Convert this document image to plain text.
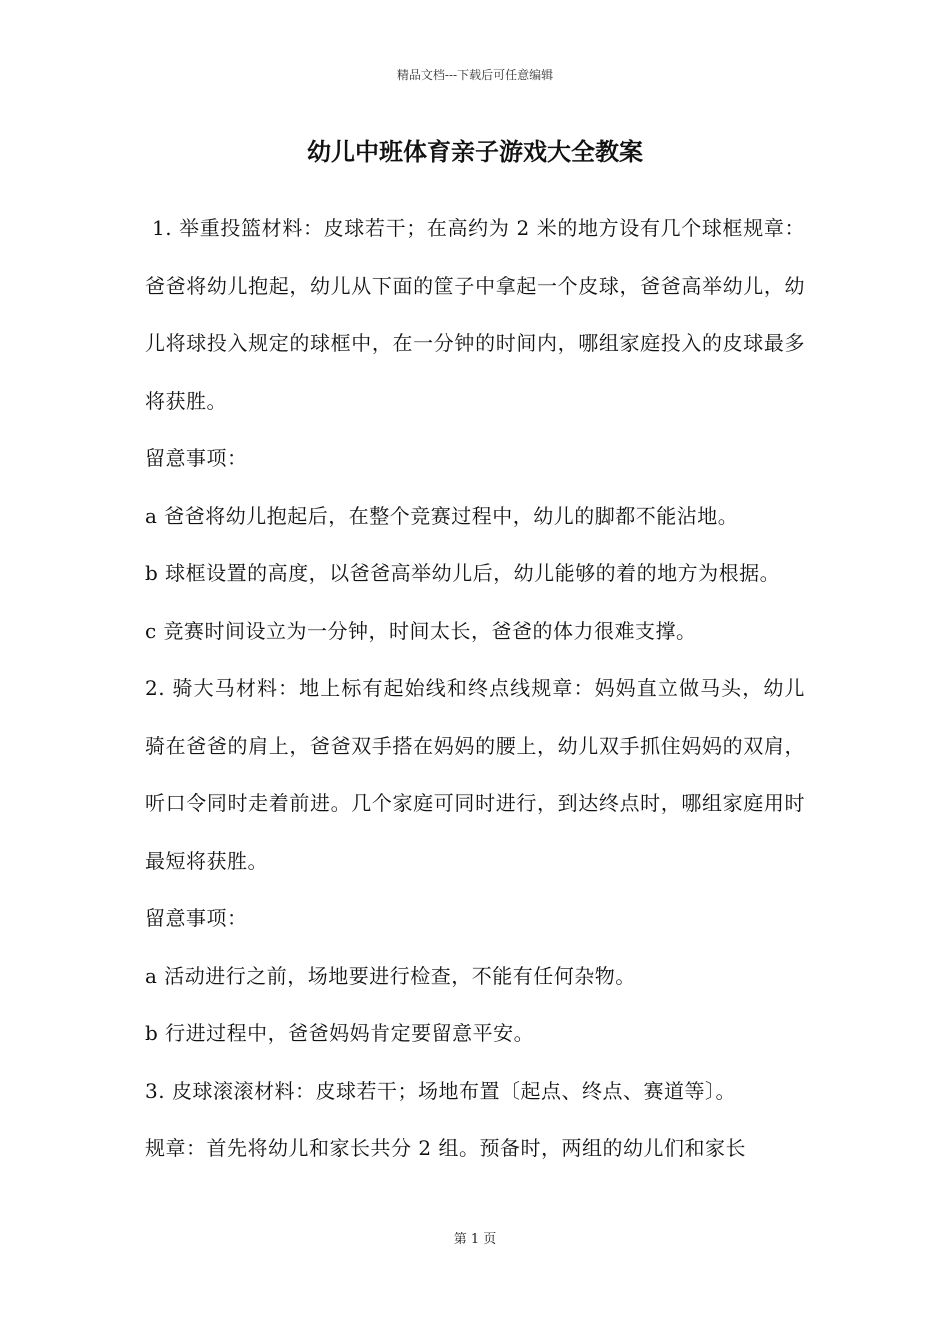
精品文档---下载后可任意编辑
幼儿中班体育亲子游戏大全教案

1. 举重投篮材料：皮球若干；在高约为 2 米的地方设有几个球框规章：爸爸将幼儿抱起，幼儿从下面的筐子中拿起一个皮球，爸爸高举幼儿，幼儿将球投入规定的球框中，在一分钟的时间内，哪组家庭投入的皮球最多将获胜。

留意事项：

a 爸爸将幼儿抱起后，在整个竞赛过程中，幼儿的脚都不能沾地。

b 球框设置的高度，以爸爸高举幼儿后，幼儿能够的着的地方为根据。

c 竞赛时间设立为一分钟，时间太长，爸爸的体力很难支撑。

2. 骑大马材料：地上标有起始线和终点线规章：妈妈直立做马头，幼儿骑在爸爸的肩上，爸爸双手搭在妈妈的腰上，幼儿双手抓住妈妈的双肩，听口令同时走着前进。几个家庭可同时进行，到达终点时，哪组家庭用时最短将获胜。

留意事项：

a 活动进行之前，场地要进行检查，不能有任何杂物。

b 行进过程中，爸爸妈妈肯定要留意平安。

3. 皮球滚滚材料：皮球若干；场地布置〔起点、终点、赛道等〕。

规章：首先将幼儿和家长共分 2 组。预备时，两组的幼儿们和家长

第 1 页
